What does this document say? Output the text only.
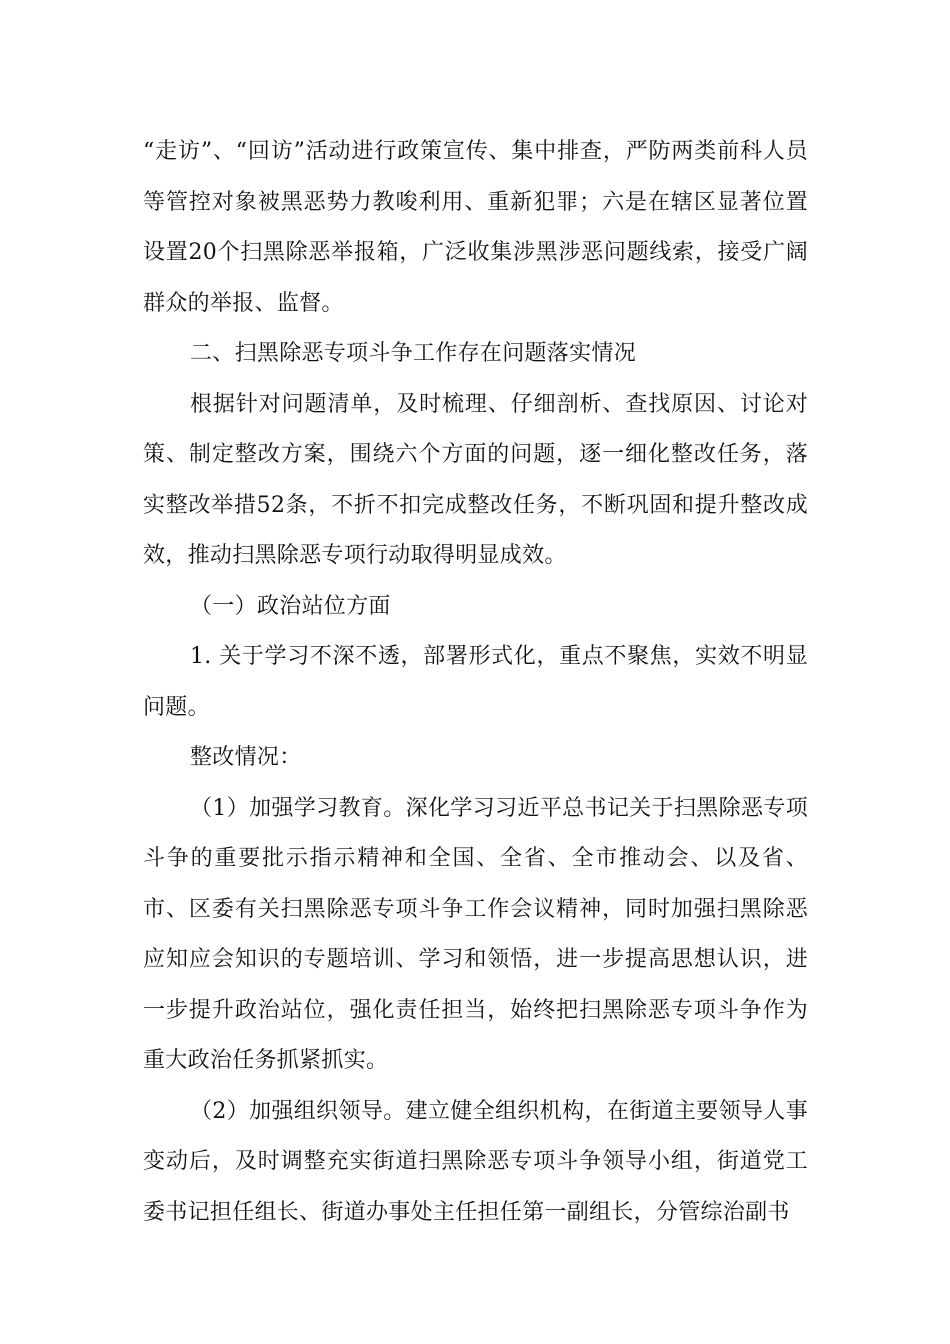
“走访”、“回访”活动进行政策宣传、集中排查，严防两类前科人员等管控对象被黑恶势力教唆利用、重新犯罪；六是在辖区显著位置设置20个扫黑除恶举报箱，广泛收集涉黑涉恶问题线索，接受广阔群众的举报、监督。

二、扫黑除恶专项斗争工作存在问题落实情况

根据针对问题清单，及时梳理、仔细剖析、查找原因、讨论对策、制定整改方案，围绕六个方面的问题，逐一细化整改任务，落实整改举措52条，不折不扣完成整改任务，不断巩固和提升整改成效，推动扫黑除恶专项行动取得明显成效。

（一）政治站位方面

1. 关于学习不深不透，部署形式化，重点不聚焦，实效不明显问题。

整改情况：

（1）加强学习教育。深化学习习近平总书记关于扫黑除恶专项斗争的重要批示指示精神和全国、全省、全市推动会、以及省、市、区委有关扫黑除恶专项斗争工作会议精神，同时加强扫黑除恶应知应会知识的专题培训、学习和领悟，进一步提高思想认识，进一步提升政治站位，强化责任担当，始终把扫黑除恶专项斗争作为重大政治任务抓紧抓实。

（2）加强组织领导。建立健全组织机构，在街道主要领导人事变动后，及时调整充实街道扫黑除恶专项斗争领导小组，街道党工委书记担任组长、街道办事处主任担任第一副组长，分管综治副书
